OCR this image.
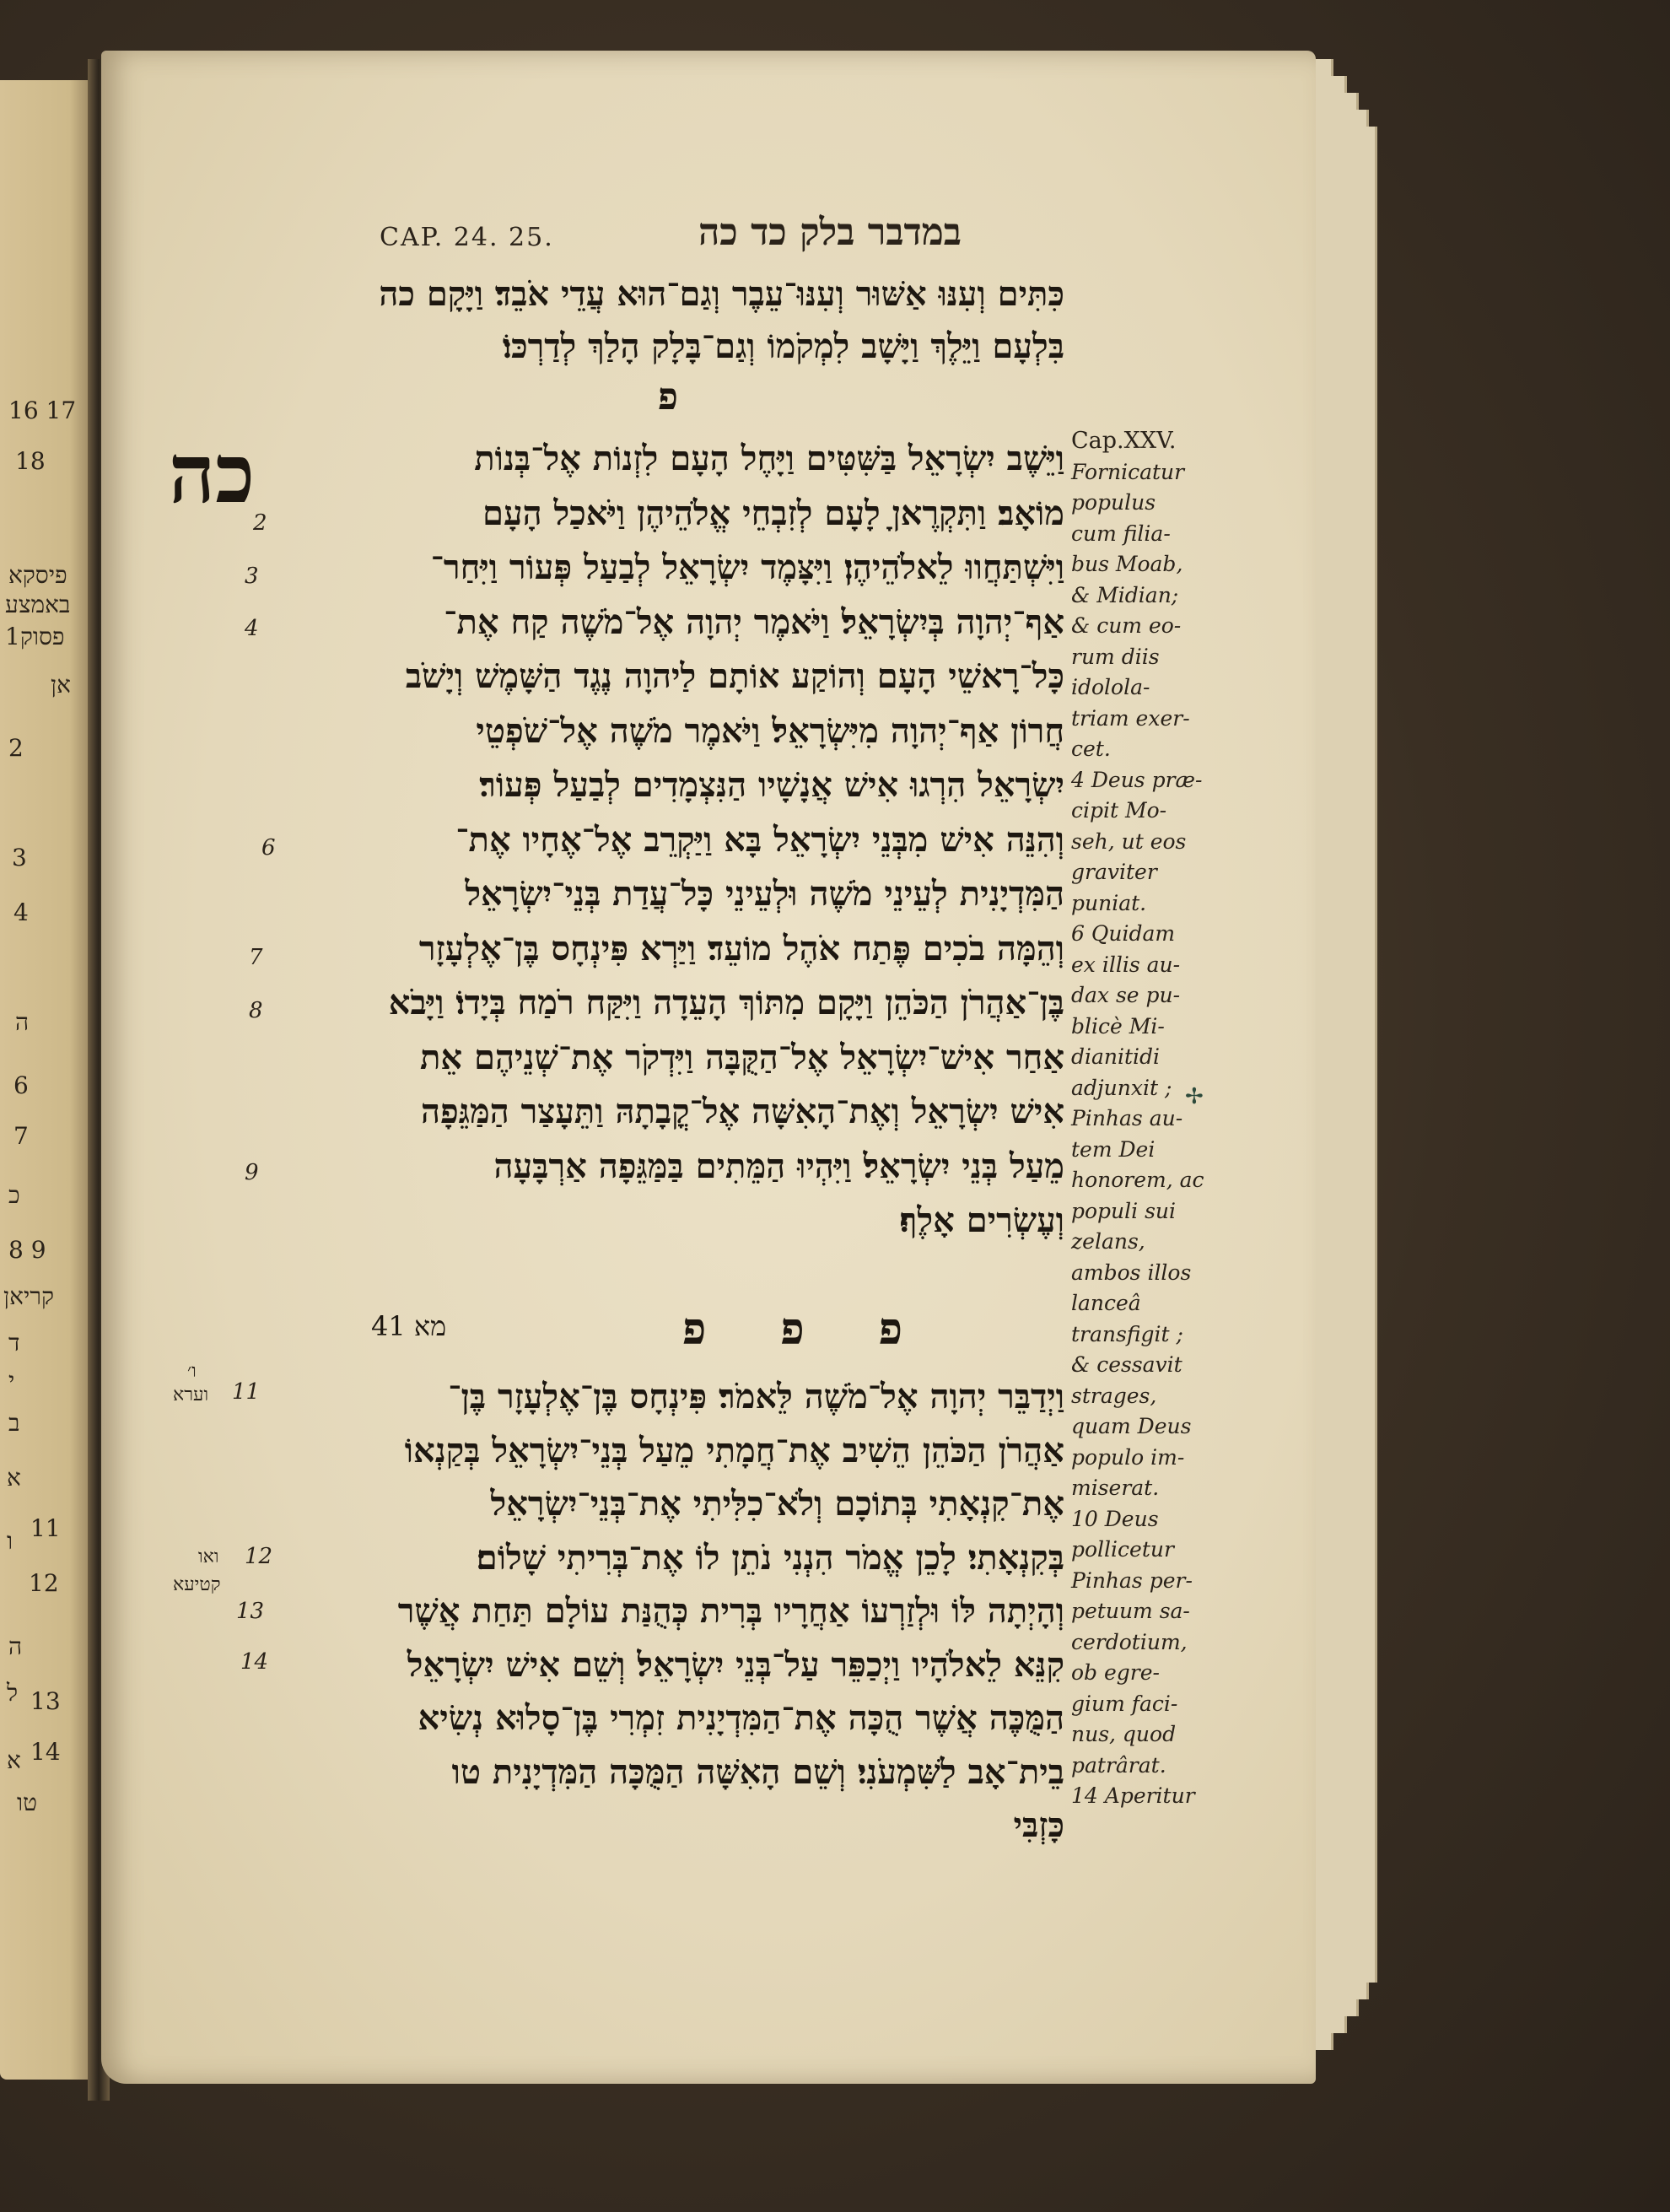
16 17
18
פיסקא
באמצע
1פסוק
אן
2
3
4
ה
6
7
כ
8 9
קריאן
ד
י
ב
א
11
ו
12
ה
ל 13
14
א
טו
CAP. 24. 25.	במדבר בלק כד כה
כִּתִּים וְעִנּוּ אַשּׁוּר וְעִנּוּ־עֵבֶר וְגַם־הוּא עֲדֵי אֹבֵד׃ וַיָּקָם כה
בִּלְעָם וַיֵּלֶךְ וַיָּשָׁב לִמְקֹמוֹ וְגַם־בָּלָק הָלַךְ לְדַרְכּוֹ׃
פ
וַיֵּשֶׁב יִשְׂרָאֵל בַּשִּׁטִּים וַיָּחֶל הָעָם לִזְנוֹת אֶל־בְּנוֹת
מוֹאָב׃ וַתִּקְרֶאןָ לָעָם לְזִבְחֵי אֱלֹהֵיהֶן וַיֹּאכַל הָעָם
וַיִּשְׁתַּחֲווּ לֵאלֹהֵיהֶן׃ וַיִּצָּמֶד יִשְׂרָאֵל לְבַעַל פְּעוֹר וַיִּחַר־
אַף־יְהוָה בְּיִשְׂרָאֵל׃ וַיֹּאמֶר יְהוָה אֶל־מֹשֶׁה קַח אֶת־
כָּל־רָאשֵׁי הָעָם וְהוֹקַע אוֹתָם לַיהוָה נֶגֶד הַשָּׁמֶשׁ וְיָשֹׁב
חֲרוֹן אַף־יְהוָה מִיִּשְׂרָאֵל׃ וַיֹּאמֶר מֹשֶׁה אֶל־שֹׁפְטֵי
יִשְׂרָאֵל הִרְגוּ אִישׁ אֲנָשָׁיו הַנִּצְמָדִים לְבַעַל פְּעוֹר׃
וְהִנֵּה אִישׁ מִבְּנֵי יִשְׂרָאֵל בָּא וַיַּקְרֵב אֶל־אֶחָיו אֶת־
הַמִּדְיָנִית לְעֵינֵי מֹשֶׁה וּלְעֵינֵי כָּל־עֲדַת בְּנֵי־יִשְׂרָאֵל
וְהֵמָּה בֹכִים פֶּתַח אֹהֶל מוֹעֵד׃ וַיַּרְא פִּינְחָס בֶּן־אֶלְעָזָר
בֶּן־אַהֲרֹן הַכֹּהֵן וַיָּקָם מִתּוֹךְ הָעֵדָה וַיִּקַּח רֹמַח בְּיָדוֹ׃ וַיָּבֹא
אַחַר אִישׁ־יִשְׂרָאֵל אֶל־הַקֻּבָּה וַיִּדְקֹר אֶת־שְׁנֵיהֶם אֵת
אִישׁ יִשְׂרָאֵל וְאֶת־הָאִשָּׁה אֶל־קֳבָתָהּ וַתֵּעָצַר הַמַּגֵּפָה
מֵעַל בְּנֵי יִשְׂרָאֵל׃ וַיִּהְיוּ הַמֵּתִים בַּמַּגֵּפָה אַרְבָּעָה
וְעֶשְׂרִים אָלֶף׃
וַיְדַבֵּר יְהוָה אֶל־מֹשֶׁה לֵּאמֹר׃ פִּינְחָס בֶּן־אֶלְעָזָר בֶּן־
אַהֲרֹן הַכֹּהֵן הֵשִׁיב אֶת־חֲמָתִי מֵעַל בְּנֵי־יִשְׂרָאֵל בְּקַנְאוֹ
אֶת־קִנְאָתִי בְּתוֹכָם וְלֹא־כִלִּיתִי אֶת־בְּנֵי־יִשְׂרָאֵל
בְּקִנְאָתִי׃ לָכֵן אֱמֹר הִנְנִי נֹתֵן לוֹ אֶת־בְּרִיתִי שָׁלוֹם׃
וְהָיְתָה לּוֹ וּלְזַרְעוֹ אַחֲרָיו בְּרִית כְּהֻנַּת עוֹלָם תַּחַת אֲשֶׁר
קִנֵּא לֵאלֹהָיו וַיְכַפֵּר עַל־בְּנֵי יִשְׂרָאֵל׃ וְשֵׁם אִישׁ יִשְׂרָאֵל
הַמֻּכֶּה אֲשֶׁר הֻכָּה אֶת־הַמִּדְיָנִית זִמְרִי בֶּן־סָלוּא נְשִׂיא
בֵית־אָב לַשִּׁמְעֹנִי׃ וְשֵׁם הָאִשָּׁה הַמֻּכָּה הַמִּדְיָנִית טו
כָּזְבִּי
כה
41 מא	פ פ פ
2
3
4
6
7
8
9
11
12
13
14
וערא
ו׳
ואו
קטיעא
Cap.XXV.
Fornicatur
populus
cum filia-
bus Moab,
& Midian;
& cum eo-
rum diis
idolola-
triam exer-
cet.
4 Deus præ-
cipit Mo-
seh, ut eos
graviter
puniat.
6 Quidam
ex illis au-
dax se pu-
blicè Mi-
dianitidi
adjunxit ;
Pinhas au-
tem Dei
honorem, ac
populi sui
zelans,
ambos illos
lanceâ
transfigit ;
& cessavit
strages,
quam Deus
populo im-
miserat.
10 Deus
pollicetur
Pinhas per-
petuum sa-
cerdotium,
ob egre-
gium faci-
nus, quod
patrârat.
14 Aperitur
✢
